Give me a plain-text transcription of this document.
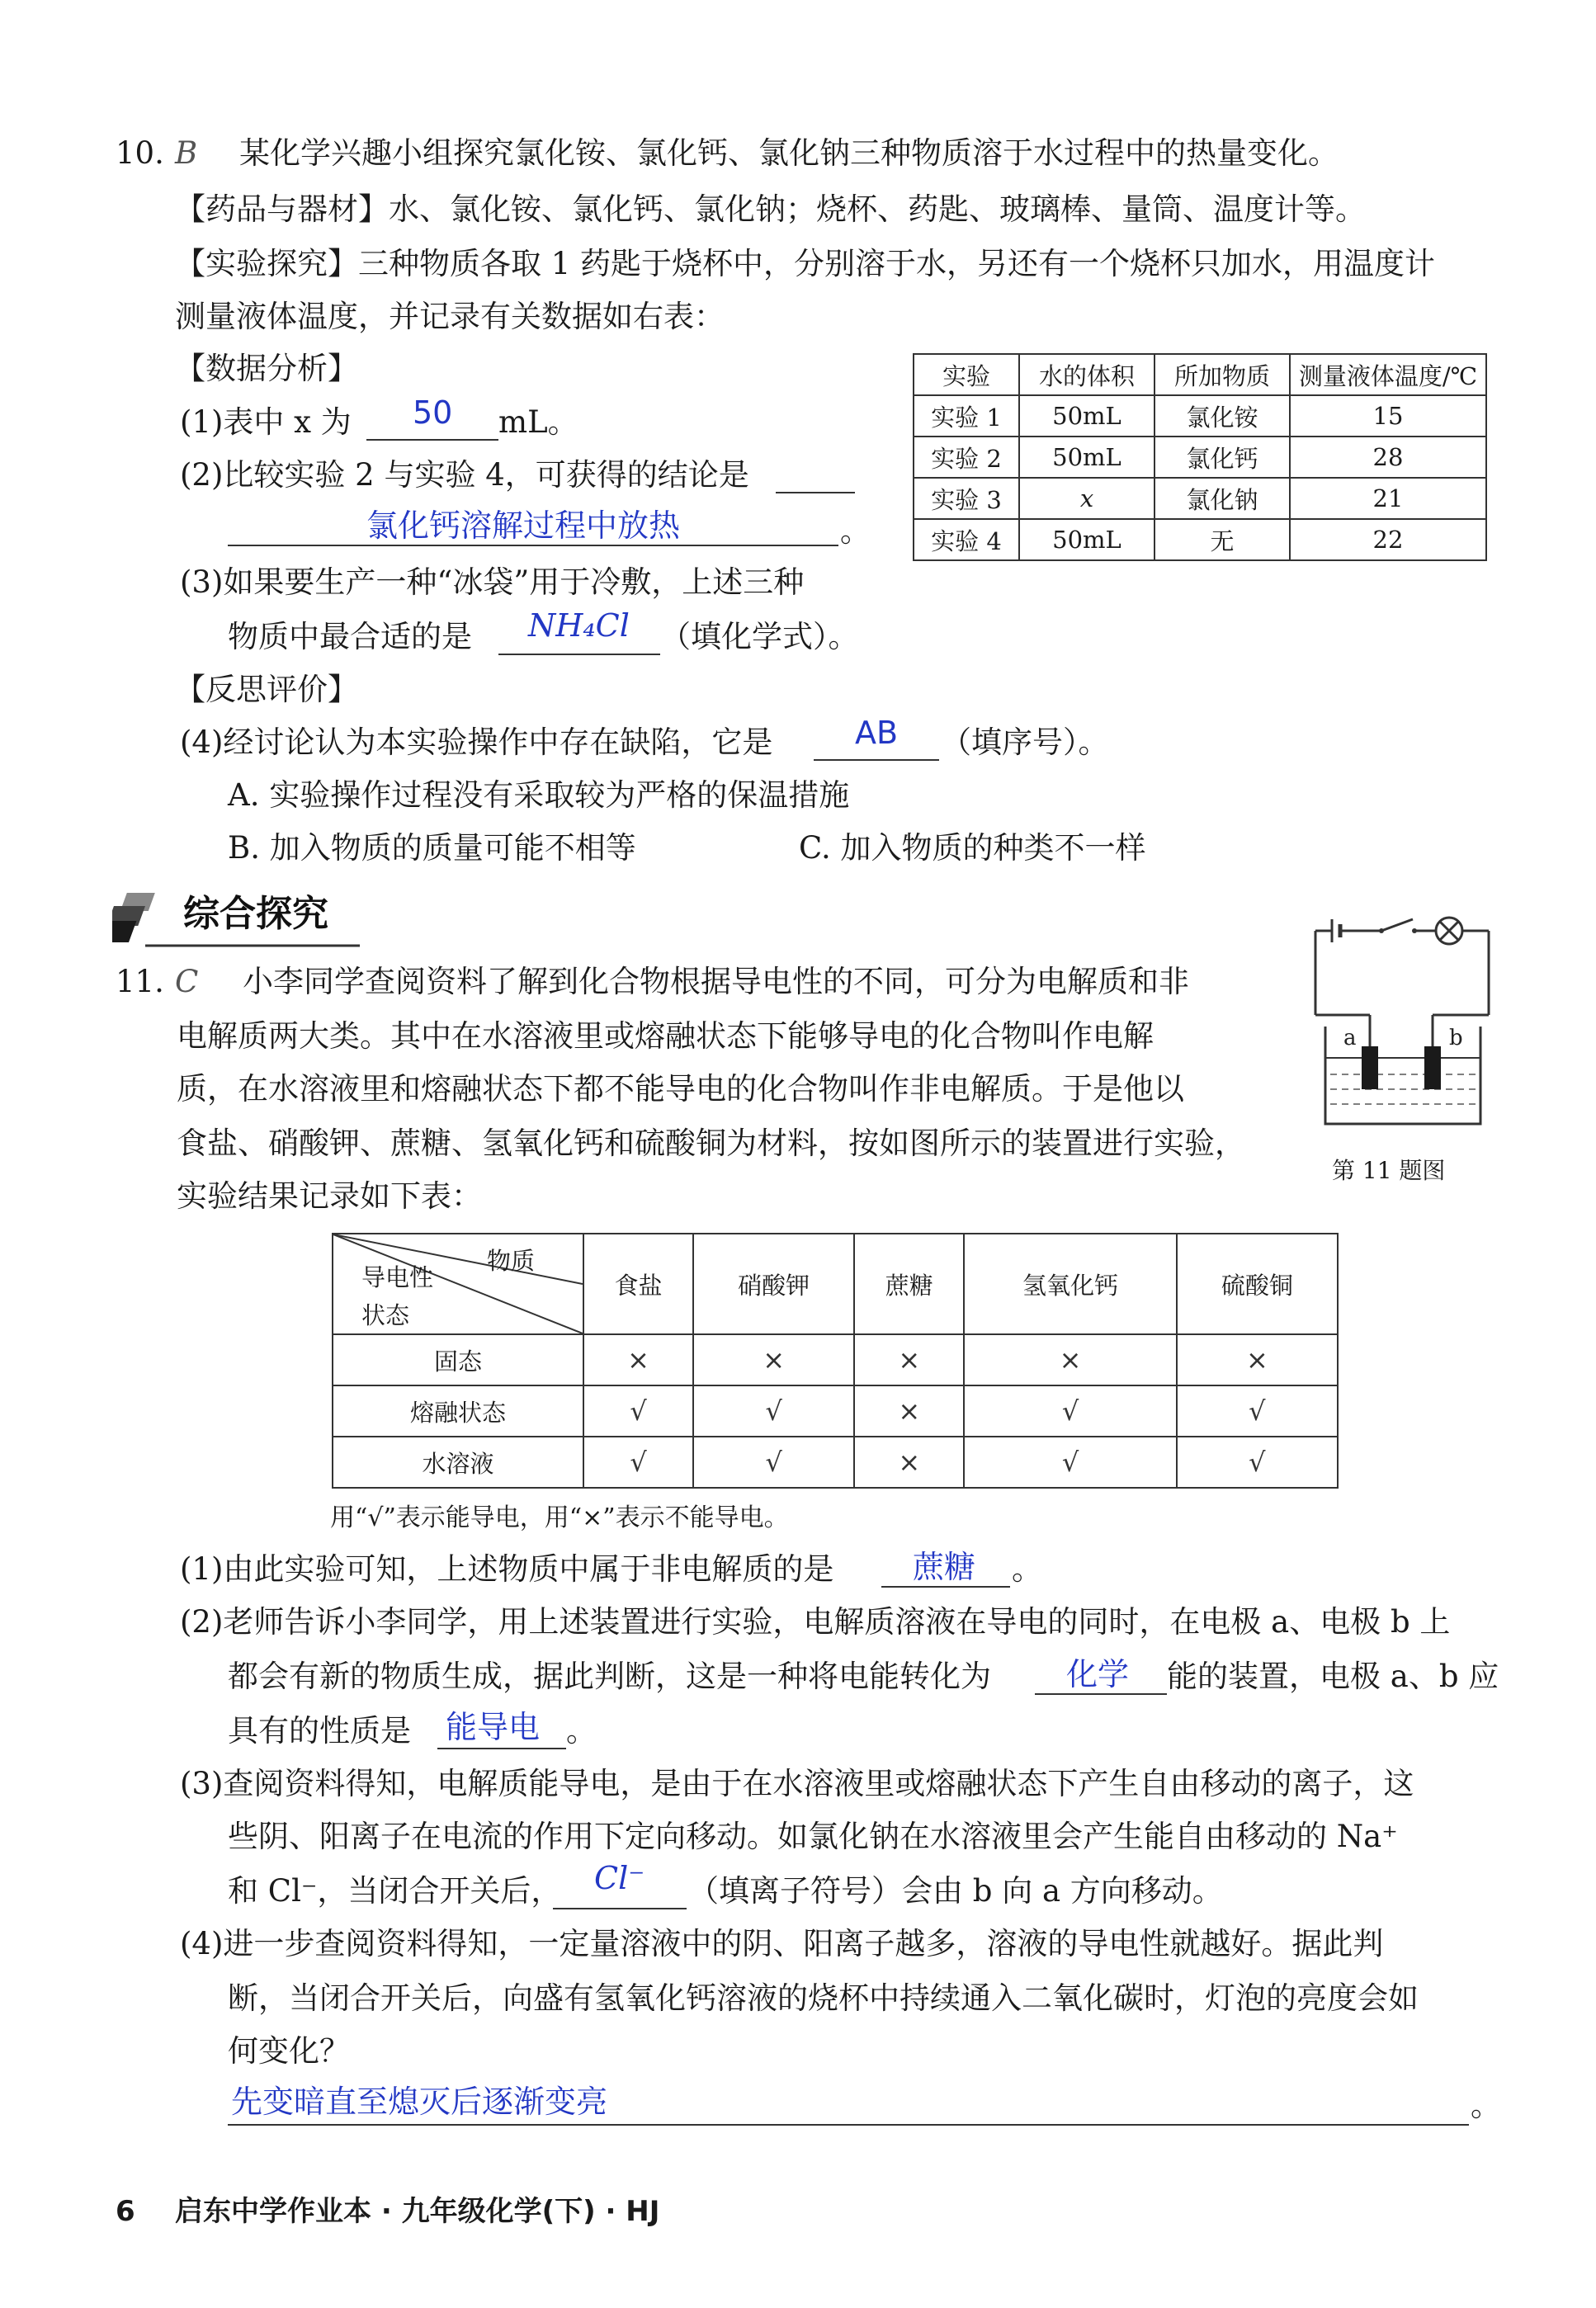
10. B 某化学兴趣小组探究氯化铵、氯化钙、氯化钠三种物质溶于水过程中的热量变化。
【药品与器材】水、氯化铵、氯化钙、氯化钠；烧杯、药匙、玻璃棒、量筒、温度计等。
【实验探究】三种物质各取 1 药匙于烧杯中，分别溶于水，另还有一个烧杯只加水，用温度计
测量液体温度，并记录有关数据如右表：
【数据分析】
(1)表中 x 为 50 mL。
(2)比较实验 2 与实验 4，可获得的结论是
氯化钙溶解过程中放热	。
(3)如果要生产一种“冰袋”用于冷敷，上述三种
物质中最合适的是 NH₄Cl （填化学式）。
【反思评价】
(4)经讨论认为本实验操作中存在缺陷，它是	AB （填序号）。
A. 实验操作过程没有采取较为严格的保温措施
B. 加入物质的质量可能不相等	C. 加入物质的种类不一样
实验	水的体积	所加物质	测量液体温度/℃
实验 1	50mL	氯化铵	15
实验 2	50mL	氯化钙	28
实验 3	x	氯化钠	21
实验 4	50mL	无	22
综合探究
11. C 小李同学查阅资料了解到化合物根据导电性的不同，可分为电解质和非
电解质两大类。其中在水溶液里或熔融状态下能够导电的化合物叫作电解
质，在水溶液里和熔融状态下都不能导电的化合物叫作非电解质。于是他以
食盐、硝酸钾、蔗糖、氢氧化钙和硫酸铜为材料，按如图所示的装置进行实验，
实验结果记录如下表：
a	b
第 11 题图
物质
导电性
状态	食盐	硝酸钾	蔗糖	氢氧化钙	硫酸铜
固态	×	×	×	×	×
熔融状态	√	√	×	√	√
水溶液	√	√	×	√	√
用“√”表示能导电，用“×”表示不能导电。
(1)由此实验可知，上述物质中属于非电解质的是	蔗糖 。
(2)老师告诉小李同学，用上述装置进行实验，电解质溶液在导电的同时，在电极 a、电极 b 上
都会有新的物质生成，据此判断，这是一种将电能转化为 化学 能的装置，电极 a、b 应
具有的性质是 能导电 。
(3)查阅资料得知，电解质能导电，是由于在水溶液里或熔融状态下产生自由移动的离子，这
些阴、阳离子在电流的作用下定向移动。如氯化钠在水溶液里会产生能自由移动的 Na⁺
和 Cl⁻，当闭合开关后， Cl⁻ （填离子符号）会由 b 向 a 方向移动。
(4)进一步查阅资料得知，一定量溶液中的阴、阳离子越多，溶液的导电性就越好。据此判
断，当闭合开关后，向盛有氢氧化钙溶液的烧杯中持续通入二氧化碳时，灯泡的亮度会如
何变化？
先变暗直至熄灭后逐渐变亮	。
6 启东中学作业本 · 九年级化学(下) · HJ
